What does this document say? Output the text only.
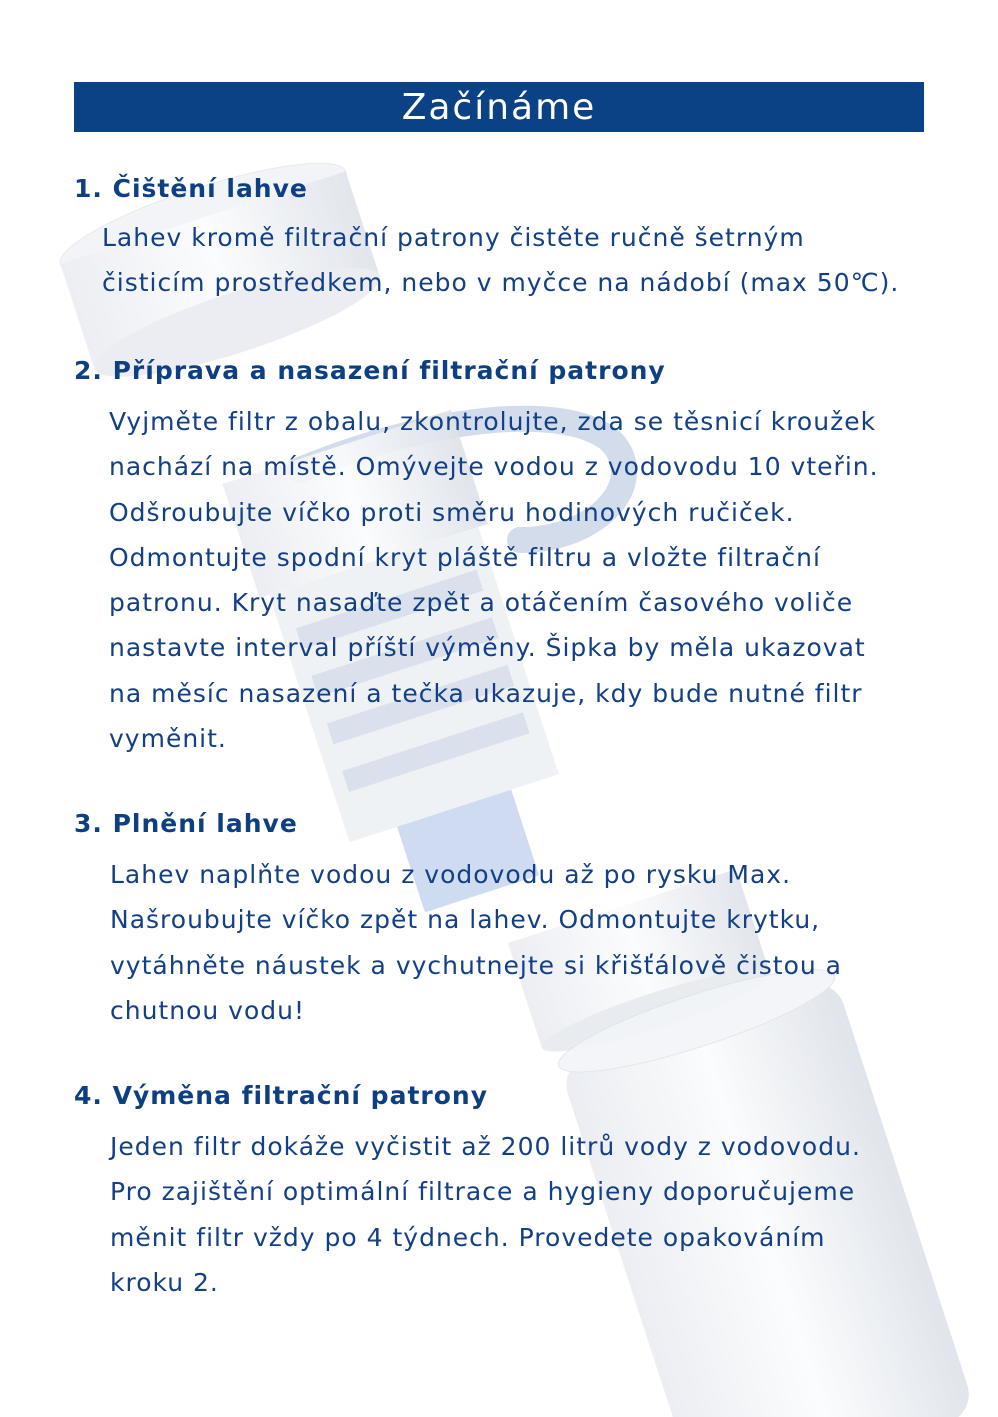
Začínáme
1. Čištění lahve
Lahev kromě filtrační patrony čistěte ručně šetrným
čisticím prostředkem, nebo v myčce na nádobí (max 50℃).
2. Příprava a nasazení filtrační patrony
Vyjměte filtr z obalu, zkontrolujte, zda se těsnicí kroužek
nachází na místě. Omývejte vodou z vodovodu 10 vteřin.
Odšroubujte víčko proti směru hodinových ručiček.
Odmontujte spodní kryt pláště filtru a vložte filtrační
patronu. Kryt nasaďte zpět a otáčením časového voliče
nastavte interval příští výměny. Šipka by měla ukazovat
na měsíc nasazení a tečka ukazuje, kdy bude nutné filtr
vyměnit.
3. Plnění lahve
Lahev naplňte vodou z vodovodu až po rysku Max.
Našroubujte víčko zpět na lahev. Odmontujte krytku,
vytáhněte náustek a vychutnejte si křišťálově čistou a
chutnou vodu!
4. Výměna filtrační patrony
Jeden filtr dokáže vyčistit až 200 litrů vody z vodovodu.
Pro zajištění optimální filtrace a hygieny doporučujeme
měnit filtr vždy po 4 týdnech. Provedete opakováním
kroku 2.
